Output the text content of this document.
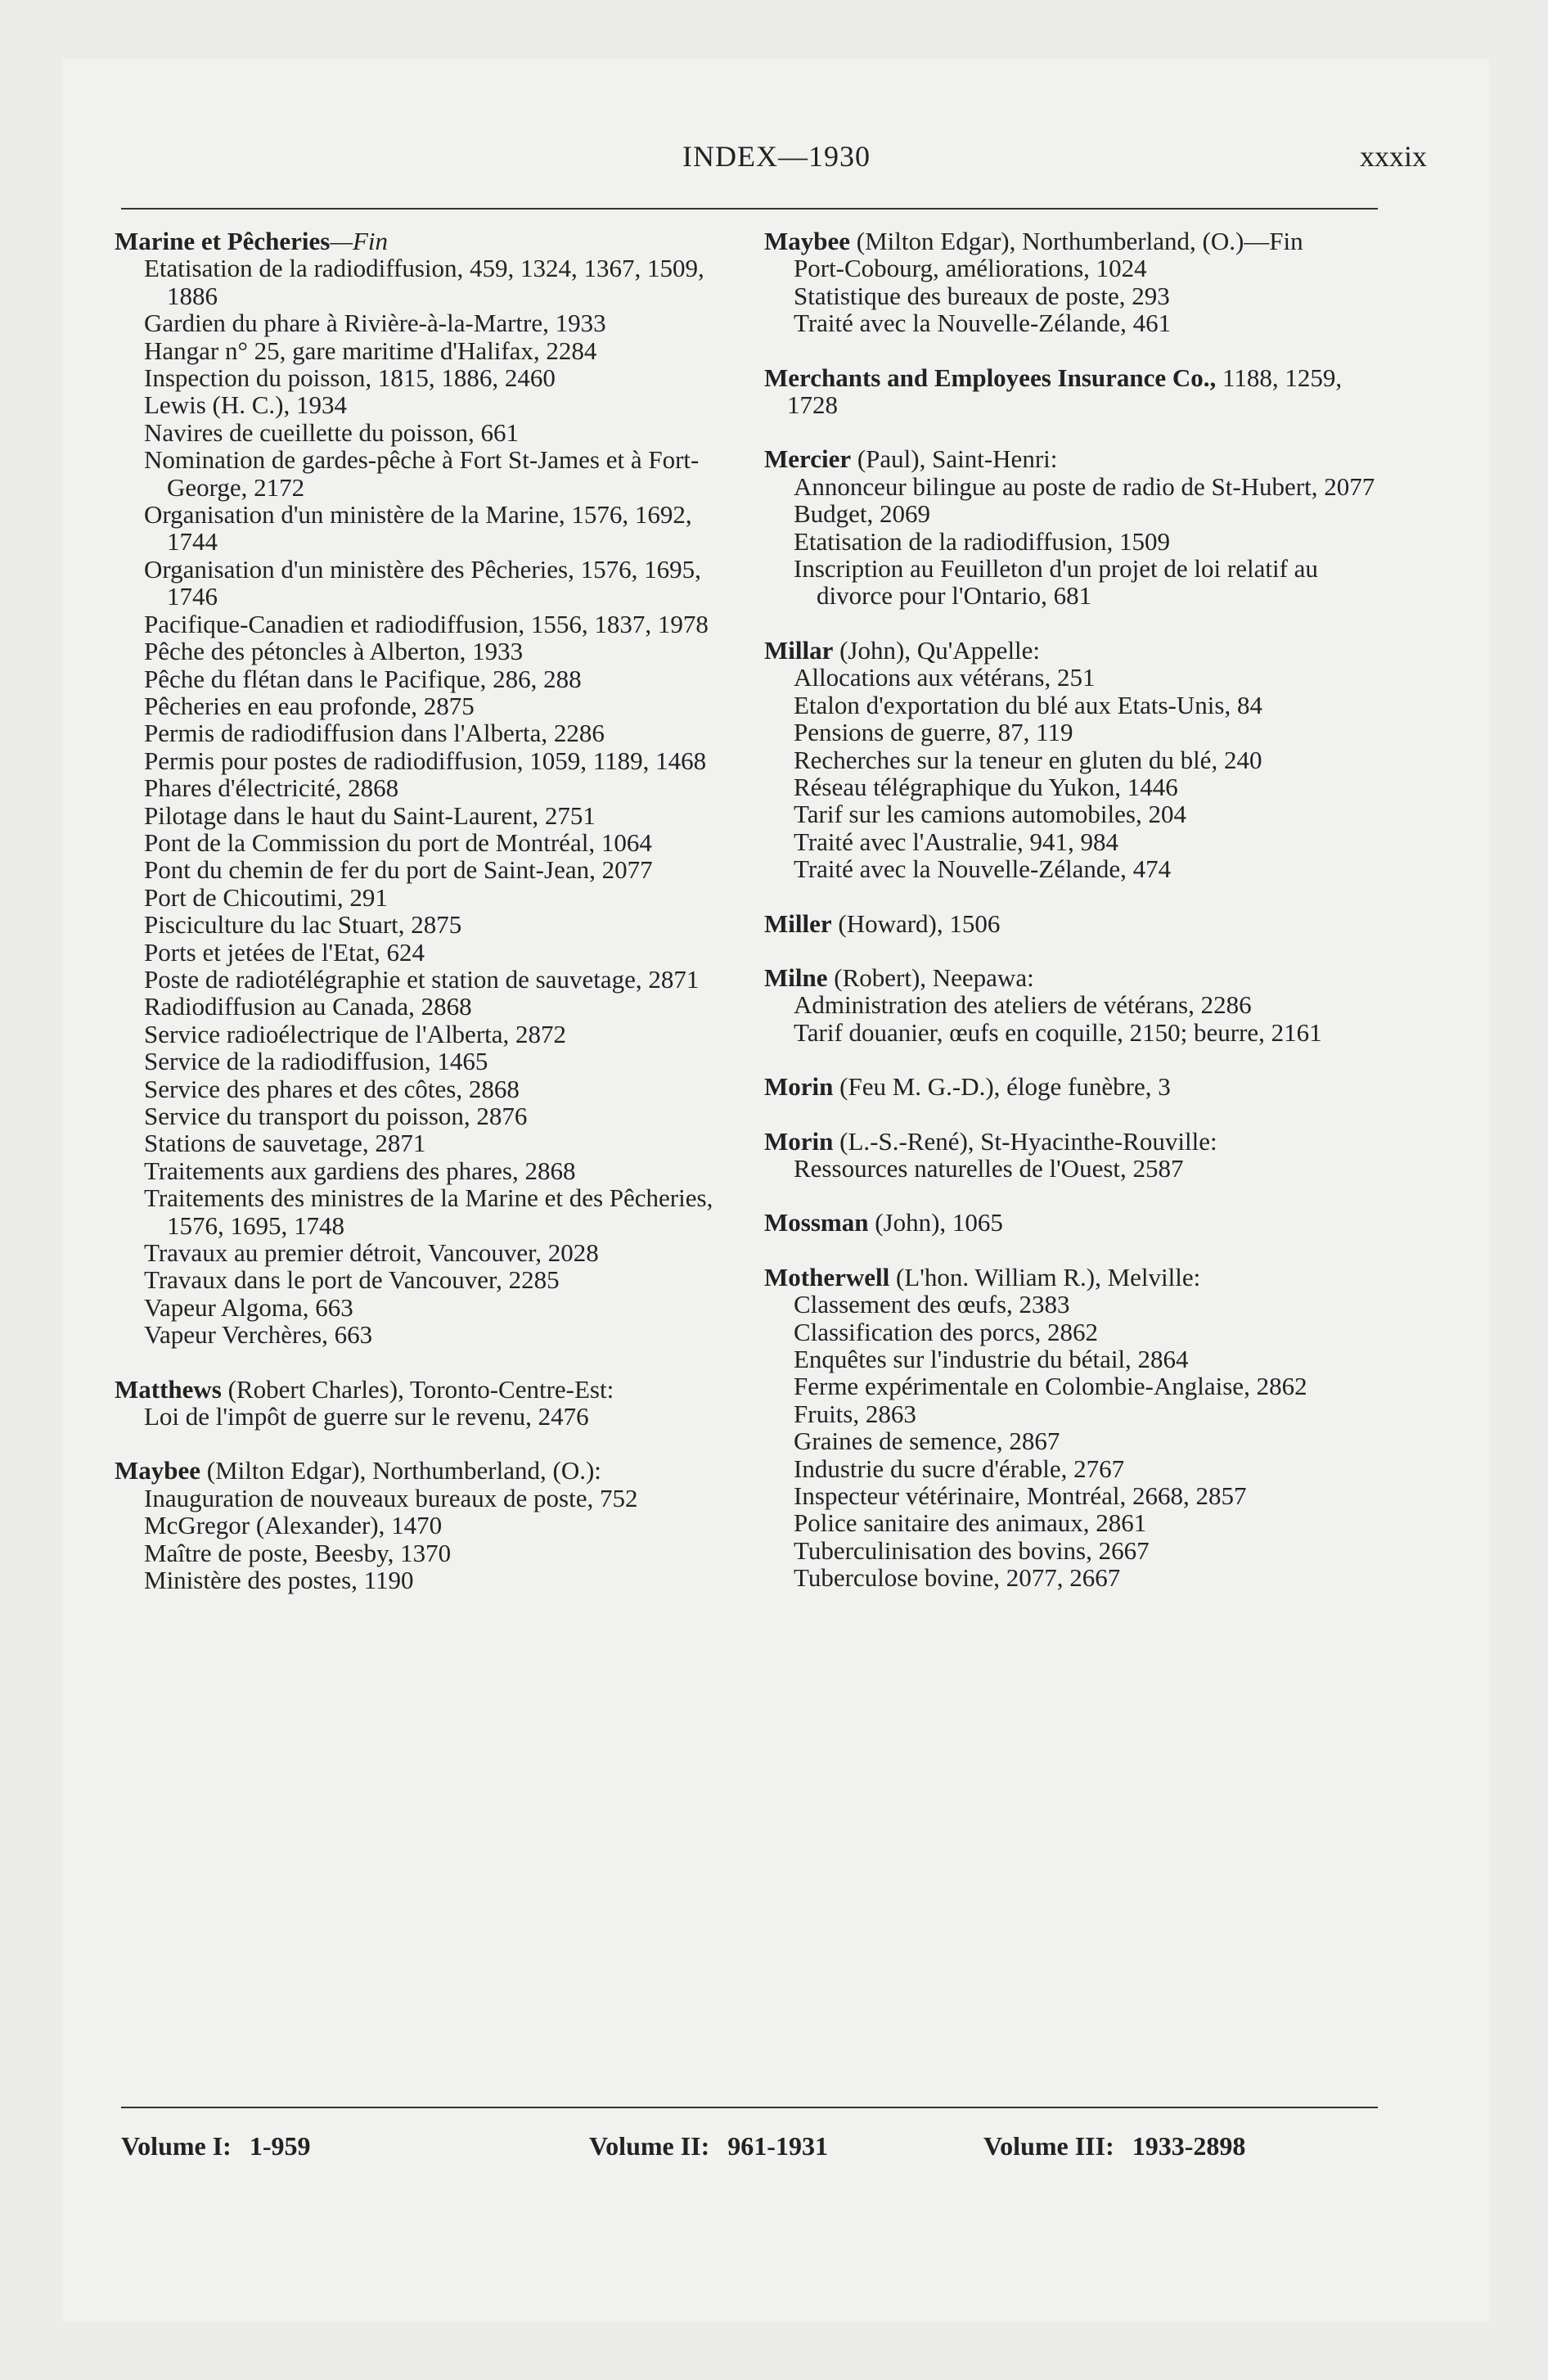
INDEX—1930	xxxix
Marine et Pêcheries—Fin
Etatisation de la radiodiffusion, 459, 1324, 1367, 1509, 1886
Gardien du phare à Rivière-à-la-Martre, 1933
Hangar n° 25, gare maritime d'Halifax, 2284
Inspection du poisson, 1815, 1886, 2460
Lewis (H. C.), 1934
Navires de cueillette du poisson, 661
Nomination de gardes-pêche à Fort St-James et à Fort-George, 2172
Organisation d'un ministère de la Marine, 1576, 1692, 1744
Organisation d'un ministère des Pêcheries, 1576, 1695, 1746
Pacifique-Canadien et radiodiffusion, 1556, 1837, 1978
Pêche des pétoncles à Alberton, 1933
Pêche du flétan dans le Pacifique, 286, 288
Pêcheries en eau profonde, 2875
Permis de radiodiffusion dans l'Alberta, 2286
Permis pour postes de radiodiffusion, 1059, 1189, 1468
Phares d'électricité, 2868
Pilotage dans le haut du Saint-Laurent, 2751
Pont de la Commission du port de Montréal, 1064
Pont du chemin de fer du port de Saint-Jean, 2077
Port de Chicoutimi, 291
Pisciculture du lac Stuart, 2875
Ports et jetées de l'Etat, 624
Poste de radiotélégraphie et station de sauvetage, 2871
Radiodiffusion au Canada, 2868
Service radioélectrique de l'Alberta, 2872
Service de la radiodiffusion, 1465
Service des phares et des côtes, 2868
Service du transport du poisson, 2876
Stations de sauvetage, 2871
Traitements aux gardiens des phares, 2868
Traitements des ministres de la Marine et des Pêcheries, 1576, 1695, 1748
Travaux au premier détroit, Vancouver, 2028
Travaux dans le port de Vancouver, 2285
Vapeur Algoma, 663
Vapeur Verchères, 663
Matthews (Robert Charles), Toronto-Centre-Est:
Loi de l'impôt de guerre sur le revenu, 2476
Maybee (Milton Edgar), Northumberland, (O.):
Inauguration de nouveaux bureaux de poste, 752
McGregor (Alexander), 1470
Maître de poste, Beesby, 1370
Ministère des postes, 1190
Maybee (Milton Edgar), Northumberland, (O.)—Fin
Port-Cobourg, améliorations, 1024
Statistique des bureaux de poste, 293
Traité avec la Nouvelle-Zélande, 461
Merchants and Employees Insurance Co., 1188, 1259, 1728
Mercier (Paul), Saint-Henri:
Annonceur bilingue au poste de radio de St-Hubert, 2077
Budget, 2069
Etatisation de la radiodiffusion, 1509
Inscription au Feuilleton d'un projet de loi relatif au divorce pour l'Ontario, 681
Millar (John), Qu'Appelle:
Allocations aux vétérans, 251
Etalon d'exportation du blé aux Etats-Unis, 84
Pensions de guerre, 87, 119
Recherches sur la teneur en gluten du blé, 240
Réseau télégraphique du Yukon, 1446
Tarif sur les camions automobiles, 204
Traité avec l'Australie, 941, 984
Traité avec la Nouvelle-Zélande, 474
Miller (Howard), 1506
Milne (Robert), Neepawa:
Administration des ateliers de vétérans, 2286
Tarif douanier, œufs en coquille, 2150; beurre, 2161
Morin (Feu M. G.-D.), éloge funèbre, 3
Morin (L.-S.-René), St-Hyacinthe-Rouville:
Ressources naturelles de l'Ouest, 2587
Mossman (John), 1065
Motherwell (L'hon. William R.), Melville:
Classement des œufs, 2383
Classification des porcs, 2862
Enquêtes sur l'industrie du bétail, 2864
Ferme expérimentale en Colombie-Anglaise, 2862
Fruits, 2863
Graines de semence, 2867
Industrie du sucre d'érable, 2767
Inspecteur vétérinaire, Montréal, 2668, 2857
Police sanitaire des animaux, 2861
Tuberculinisation des bovins, 2667
Tuberculose bovine, 2077, 2667
Volume I: 1-959	Volume II: 961-1931	Volume III: 1933-2898
